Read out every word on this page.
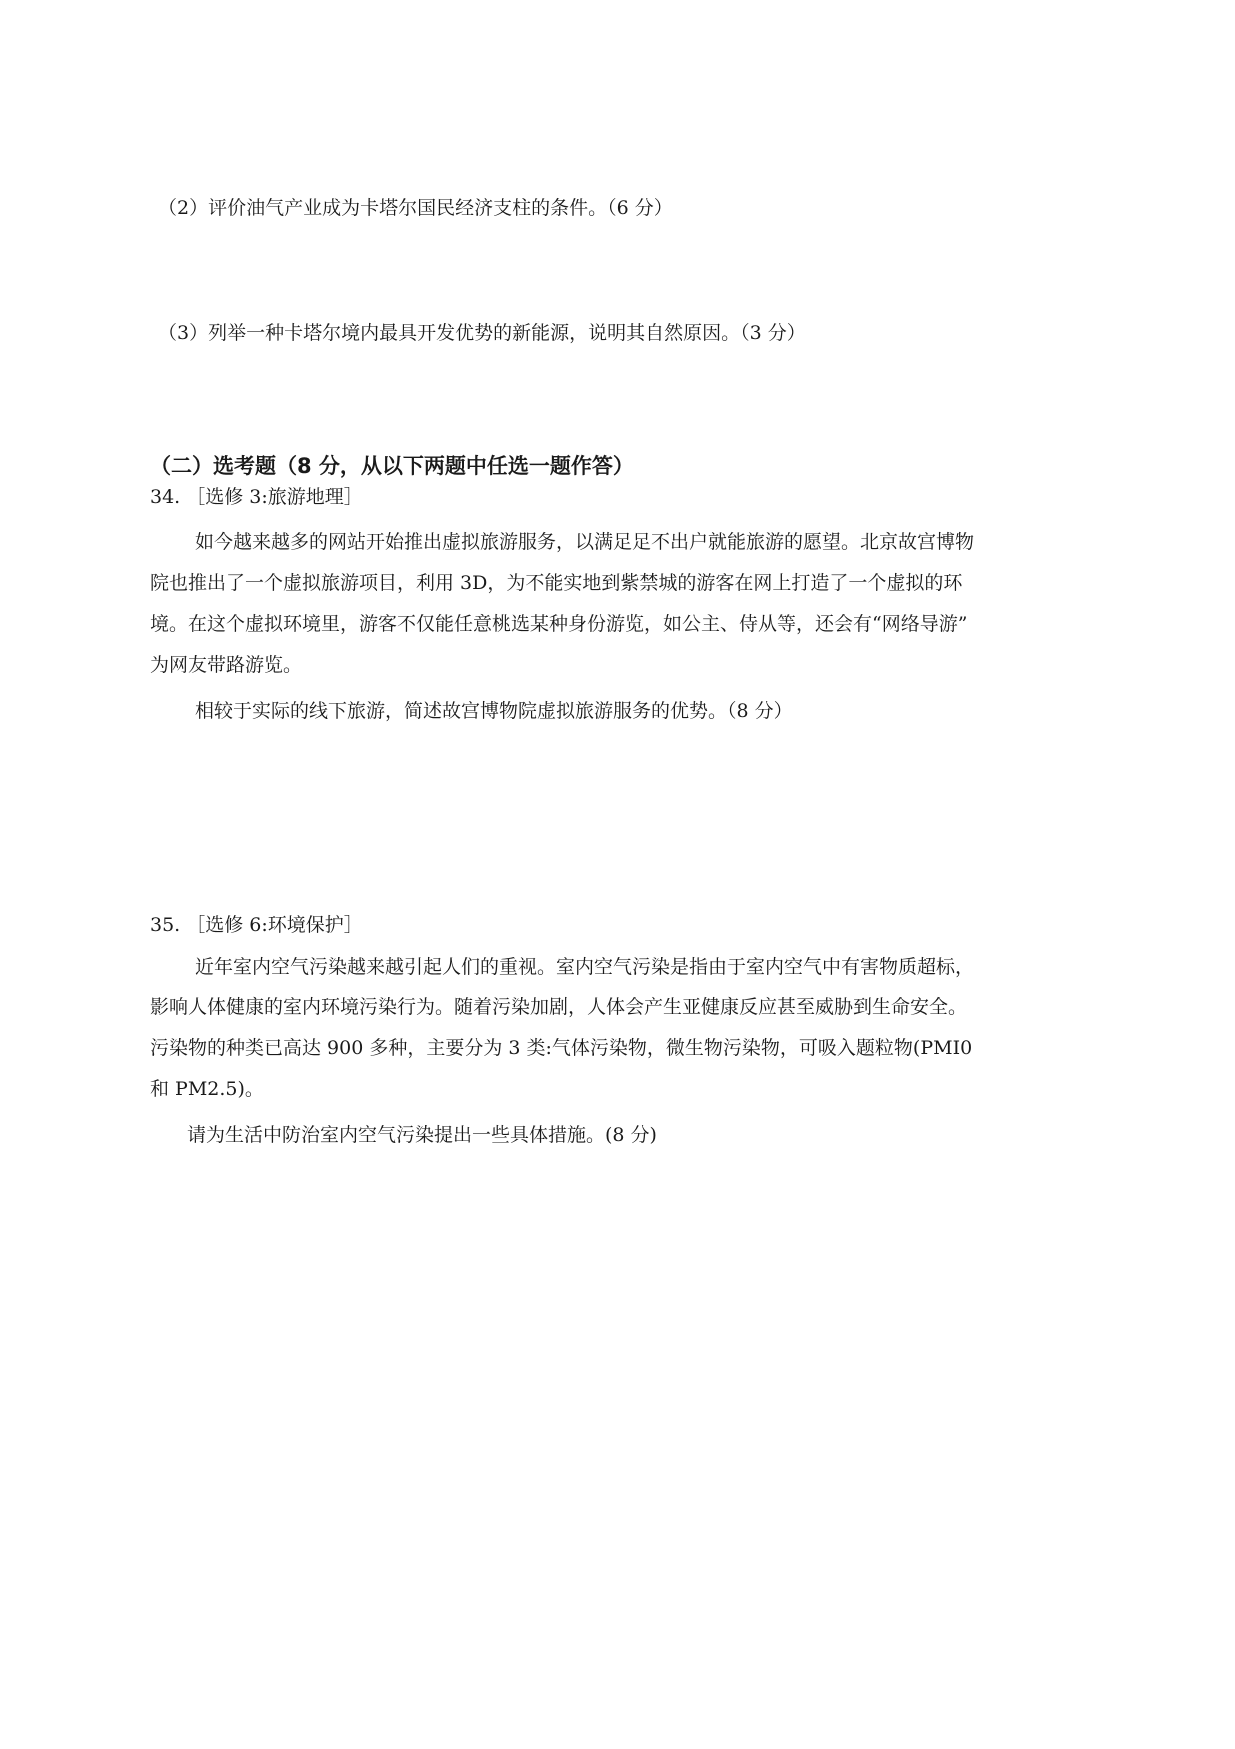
（2）评价油气产业成为卡塔尔国民经济支柱的条件。（6 分）
（3）列举一种卡塔尔境内最具开发优势的新能源，说明其自然原因。（3 分）
（二）选考题（8 分，从以下两题中任选一题作答）
34. ［选修 3:旅游地理］
如今越来越多的网站开始推出虚拟旅游服务，以满足足不出户就能旅游的愿望。北京故宫博物
院也推出了一个虚拟旅游项目，利用 3D，为不能实地到紫禁城的游客在网上打造了一个虚拟的环
境。在这个虚拟环境里，游客不仅能任意桃选某种身份游览，如公主、侍从等，还会有“网络导游”
为网友带路游览。
相较于实际的线下旅游，简述故宫博物院虚拟旅游服务的优势。（8 分）
35. ［选修 6:环境保护］
近年室内空气污染越来越引起人们的重视。室内空气污染是指由于室内空气中有害物质超标，
影响人体健康的室内环境污染行为。随着污染加剧，人体会产生亚健康反应甚至威胁到生命安全。
污染物的种类已高达 900 多种，主要分为 3 类:气体污染物，微生物污染物，可吸入题粒物(PMI0
和 PM2.5)。
请为生活中防治室内空气污染提出一些具体措施。(8 分)
